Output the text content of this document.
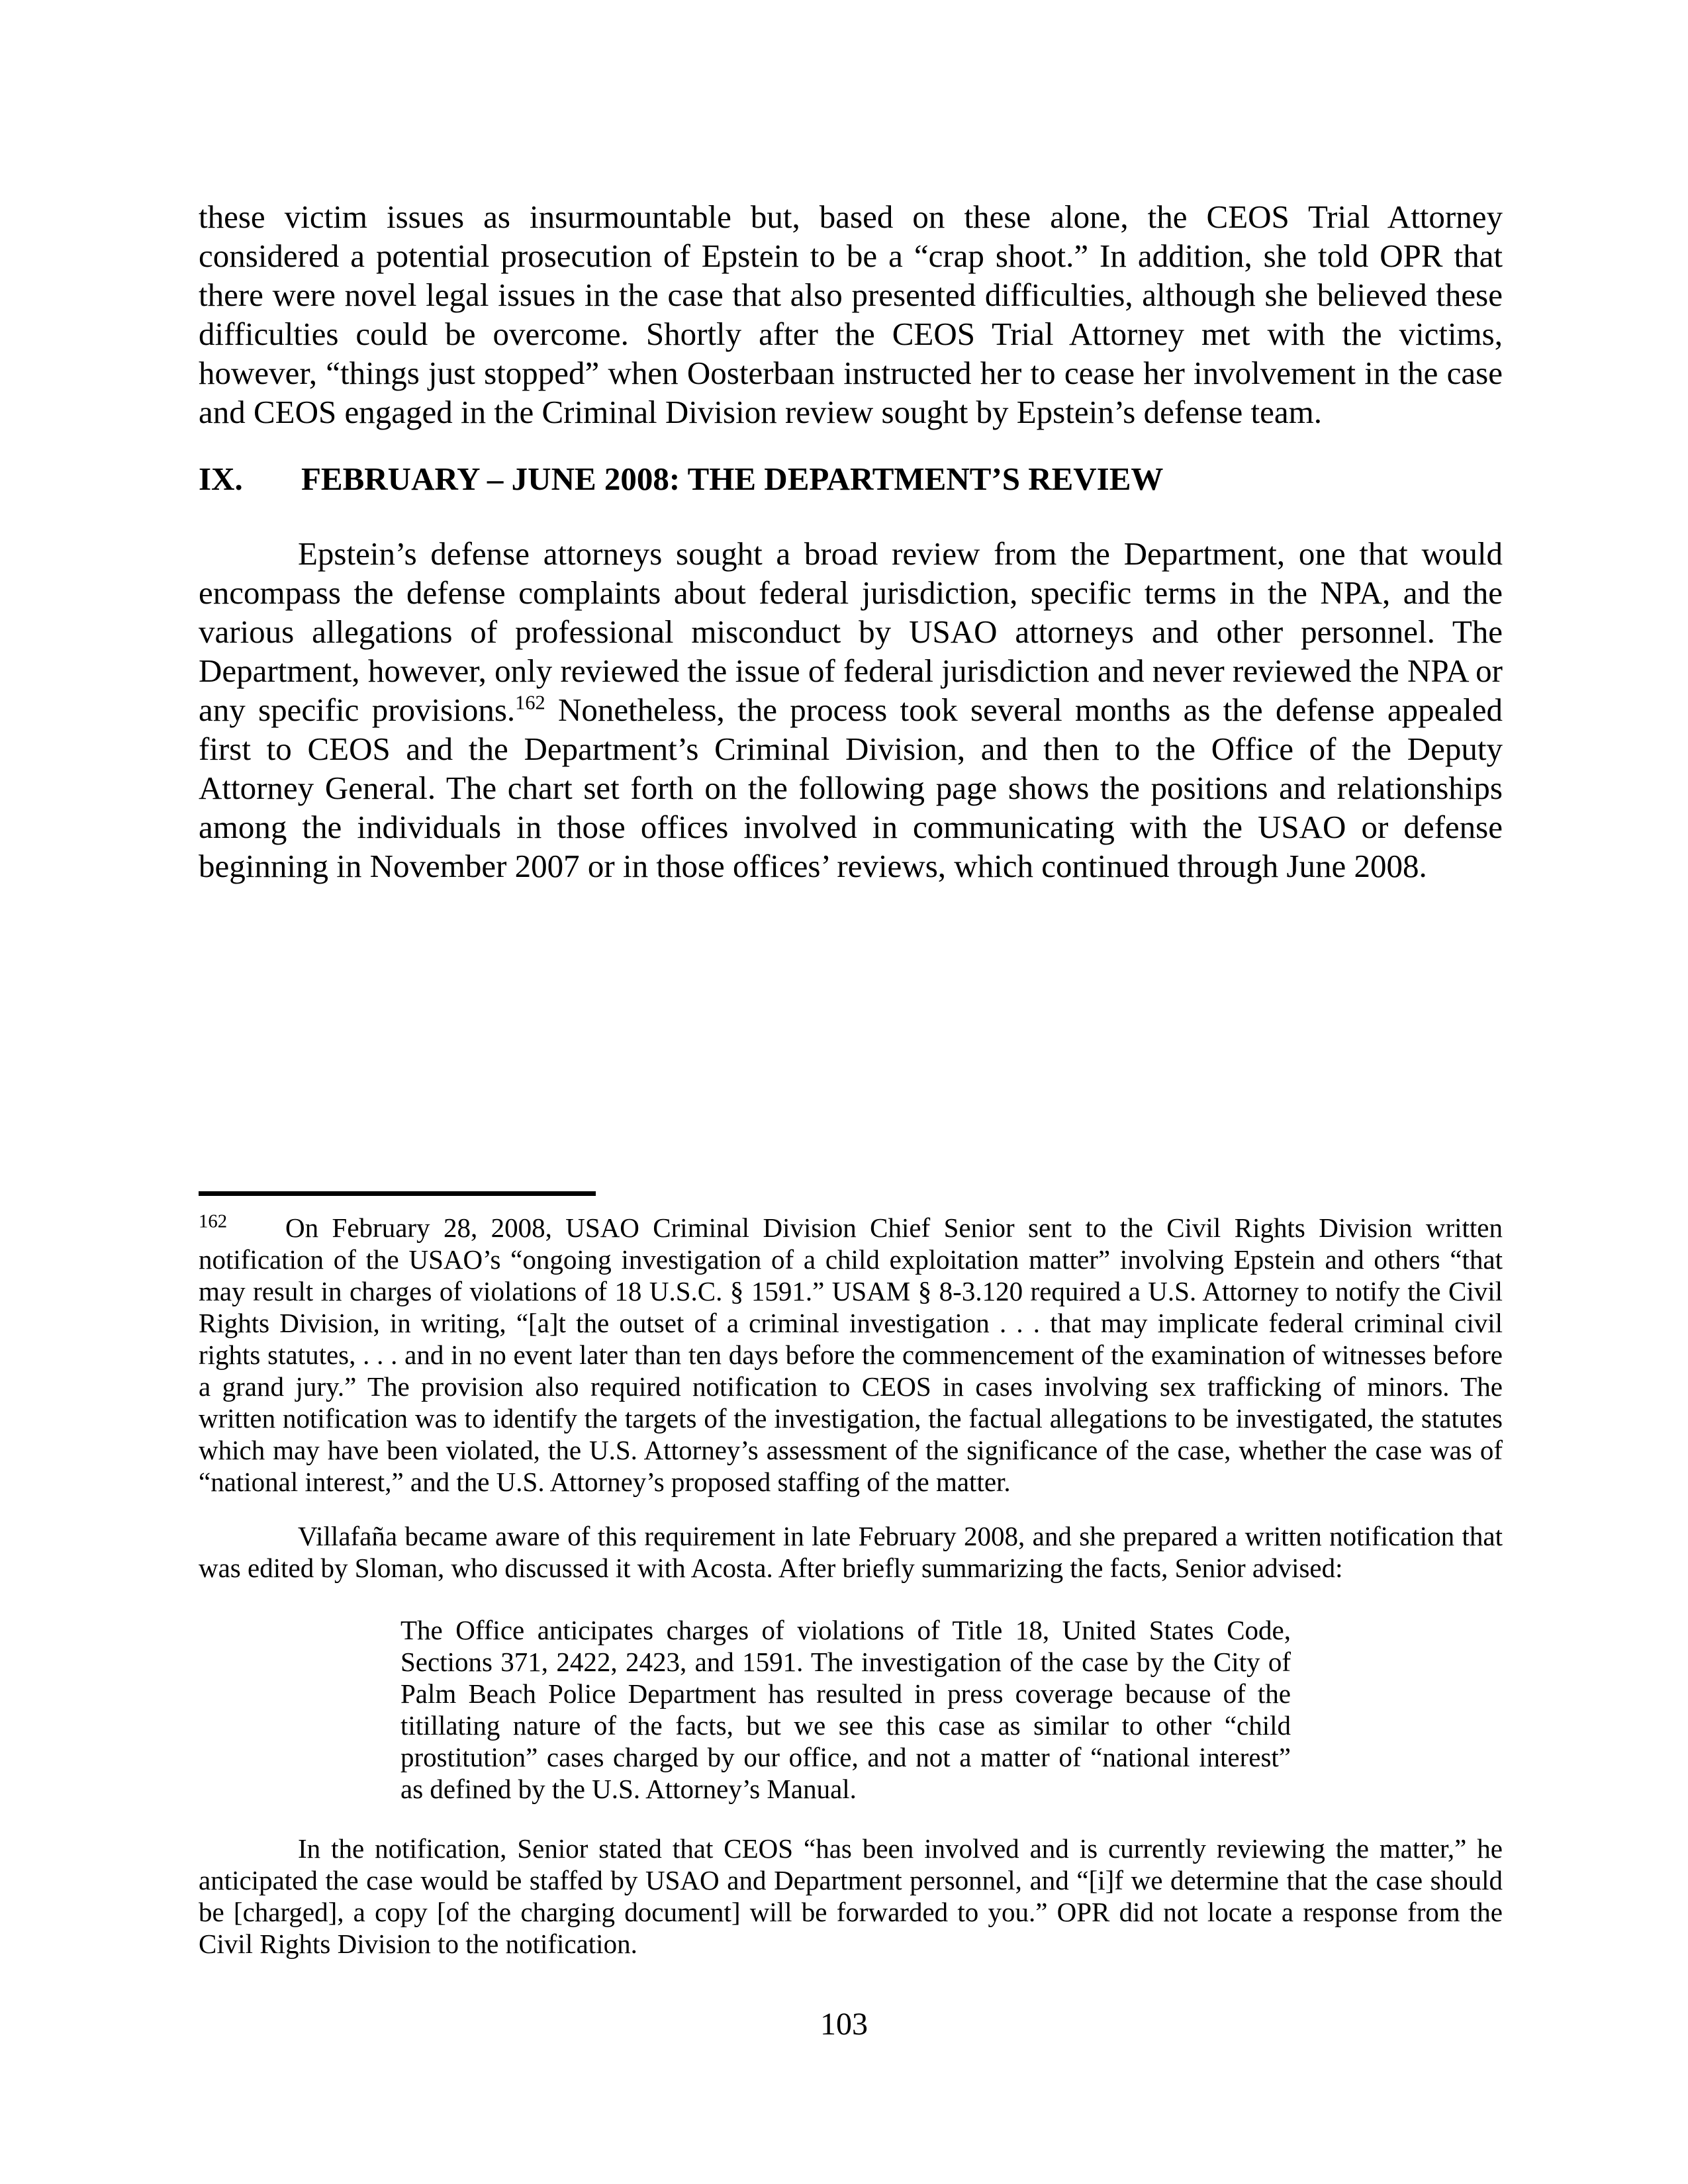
these victim issues as insurmountable but, based on these alone, the CEOS Trial Attorney considered a potential prosecution of Epstein to be a “crap shoot.” In addition, she told OPR that there were novel legal issues in the case that also presented difficulties, although she believed these difficulties could be overcome. Shortly after the CEOS Trial Attorney met with the victims, however, “things just stopped” when Oosterbaan instructed her to cease her involvement in the case and CEOS engaged in the Criminal Division review sought by Epstein’s defense team.
IX. FEBRUARY – JUNE 2008: THE DEPARTMENT’S REVIEW
Epstein’s defense attorneys sought a broad review from the Department, one that would encompass the defense complaints about federal jurisdiction, specific terms in the NPA, and the various allegations of professional misconduct by USAO attorneys and other personnel. The Department, however, only reviewed the issue of federal jurisdiction and never reviewed the NPA or any specific provisions.$^{162}$ Nonetheless, the process took several months as the defense appealed first to CEOS and the Department’s Criminal Division, and then to the Office of the Deputy Attorney General. The chart set forth on the following page shows the positions and relationships among the individuals in those offices involved in communicating with the USAO or defense beginning in November 2007 or in those offices’ reviews, which continued through June 2008.
$^{162}$ On February 28, 2008, USAO Criminal Division Chief Senior sent to the Civil Rights Division written notification of the USAO’s “ongoing investigation of a child exploitation matter” involving Epstein and others “that may result in charges of violations of 18 U.S.C. § 1591.” USAM § 8-3.120 required a U.S. Attorney to notify the Civil Rights Division, in writing, “[a]t the outset of a criminal investigation . . . that may implicate federal criminal civil rights statutes, . . . and in no event later than ten days before the commencement of the examination of witnesses before a grand jury.” The provision also required notification to CEOS in cases involving sex trafficking of minors. The written notification was to identify the targets of the investigation, the factual allegations to be investigated, the statutes which may have been violated, the U.S. Attorney’s assessment of the significance of the case, whether the case was of “national interest,” and the U.S. Attorney’s proposed staffing of the matter.
Villafaña became aware of this requirement in late February 2008, and she prepared a written notification that was edited by Sloman, who discussed it with Acosta. After briefly summarizing the facts, Senior advised:
The Office anticipates charges of violations of Title 18, United States Code, Sections 371, 2422, 2423, and 1591. The investigation of the case by the City of Palm Beach Police Department has resulted in press coverage because of the titillating nature of the facts, but we see this case as similar to other “child prostitution” cases charged by our office, and not a matter of “national interest” as defined by the U.S. Attorney’s Manual.
In the notification, Senior stated that CEOS “has been involved and is currently reviewing the matter,” he anticipated the case would be staffed by USAO and Department personnel, and “[i]f we determine that the case should be [charged], a copy [of the charging document] will be forwarded to you.” OPR did not locate a response from the Civil Rights Division to the notification.
103
